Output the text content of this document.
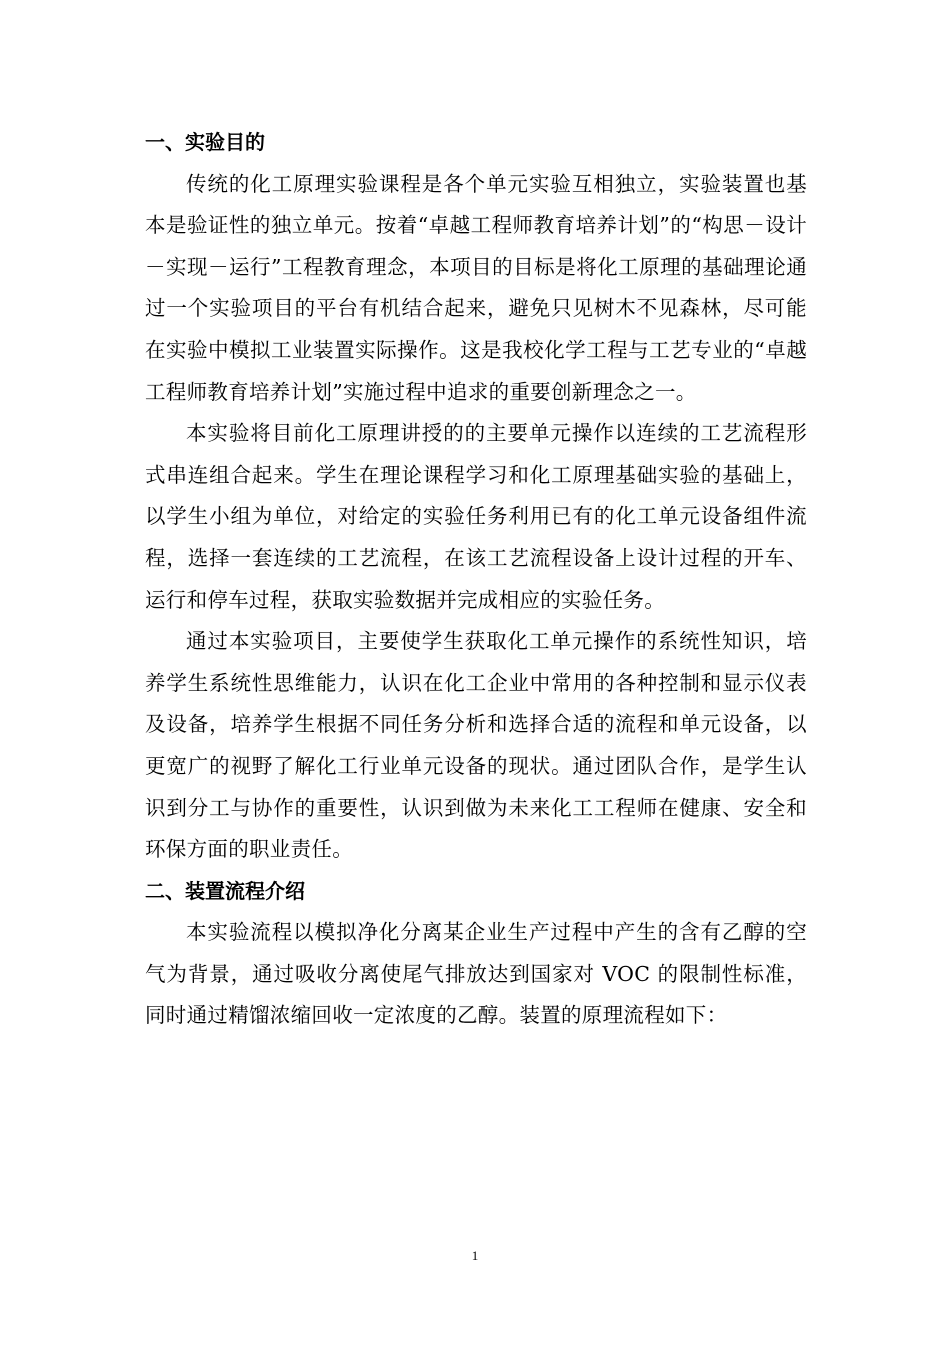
一、实验目的

传统的化工原理实验课程是各个单元实验互相独立，实验装置也基本是验证性的独立单元。按着“卓越工程师教育培养计划”的“构思－设计－实现－运行”工程教育理念，本项目的目标是将化工原理的基础理论通过一个实验项目的平台有机结合起来，避免只见树木不见森林，尽可能在实验中模拟工业装置实际操作。这是我校化学工程与工艺专业的“卓越工程师教育培养计划”实施过程中追求的重要创新理念之一。

本实验将目前化工原理讲授的的主要单元操作以连续的工艺流程形式串连组合起来。学生在理论课程学习和化工原理基础实验的基础上，以学生小组为单位，对给定的实验任务利用已有的化工单元设备组件流程，选择一套连续的工艺流程，在该工艺流程设备上设计过程的开车、运行和停车过程，获取实验数据并完成相应的实验任务。

通过本实验项目，主要使学生获取化工单元操作的系统性知识，培养学生系统性思维能力，认识在化工企业中常用的各种控制和显示仪表及设备，培养学生根据不同任务分析和选择合适的流程和单元设备，以更宽广的视野了解化工行业单元设备的现状。通过团队合作，是学生认识到分工与协作的重要性，认识到做为未来化工工程师在健康、安全和环保方面的职业责任。

二、装置流程介绍

本实验流程以模拟净化分离某企业生产过程中产生的含有乙醇的空气为背景，通过吸收分离使尾气排放达到国家对 VOC 的限制性标准，同时通过精馏浓缩回收一定浓度的乙醇。装置的原理流程如下：

1
